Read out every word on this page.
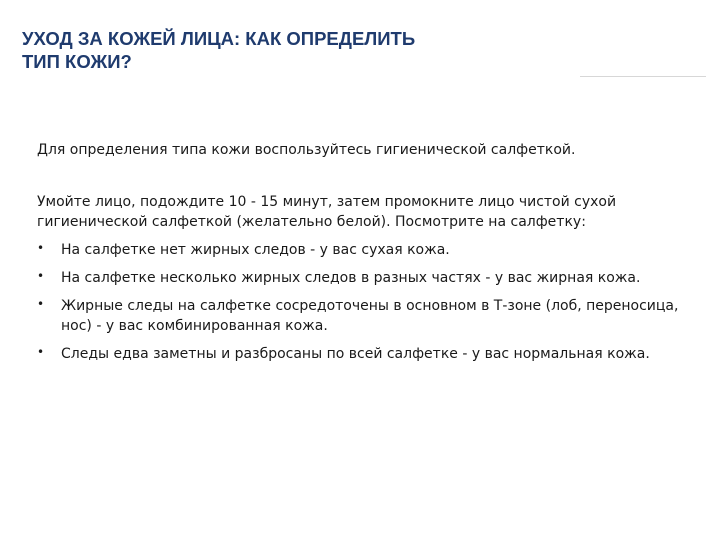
УХОД ЗА КОЖЕЙ ЛИЦА: КАК ОПРЕДЕЛИТЬ
ТИП КОЖИ?

Для определения типа кожи воспользуйтесь гигиенической салфеткой.

Умойте лицо, подождите 10 - 15 минут, затем промокните лицо чистой сухой гигиенической салфеткой (желательно белой). Посмотрите на салфетку:

• На салфетке нет жирных следов - у вас сухая кожа.
• На салфетке несколько жирных следов в разных частях - у вас жирная кожа.
• Жирные следы на салфетке сосредоточены в основном в Т-зоне (лоб, переносица, нос) - у вас комбинированная кожа.
• Следы едва заметны и разбросаны по всей салфетке - у вас нормальная кожа.
